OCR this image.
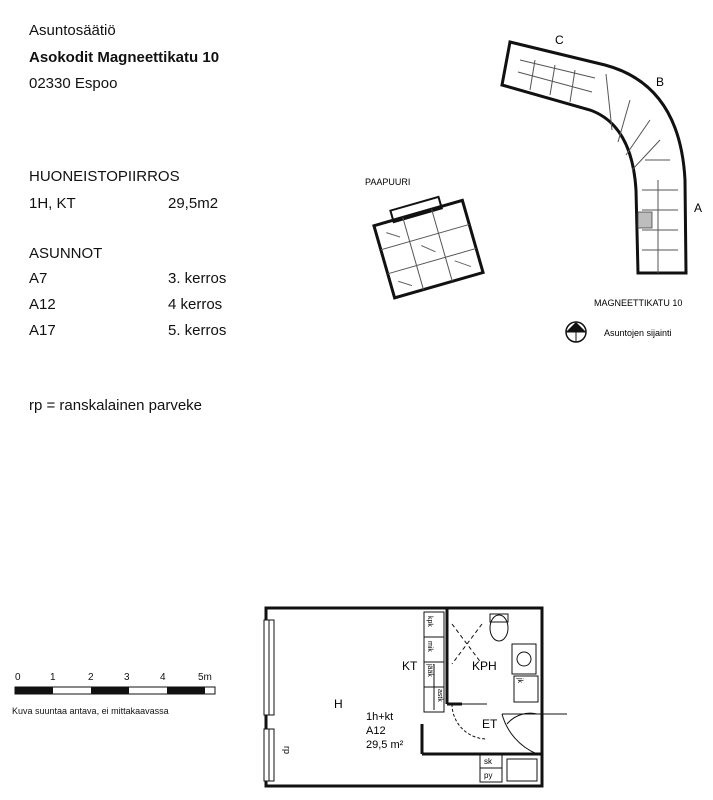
Asuntosäätiö
Asokodit Magneettikatu 10
02330 Espoo
HUONEISTOPIIRROS
1H, KT	29,5m2
ASUNNOT
A7	3. kerros
A12	4 kerros
A17	5. kerros
rp = ranskalainen parveke
C
B
A
PAAPUURI
MAGNEETTIKATU 10
Asuntojen sijainti
0	1	2	3	4	5m
Kuva suuntaa antava, ei mittakaavassa	H
KT	KPH
ET
rp
1h+kt
A12
29,5 m²
kpk
mik
jääk
astk
jk
sk
py
